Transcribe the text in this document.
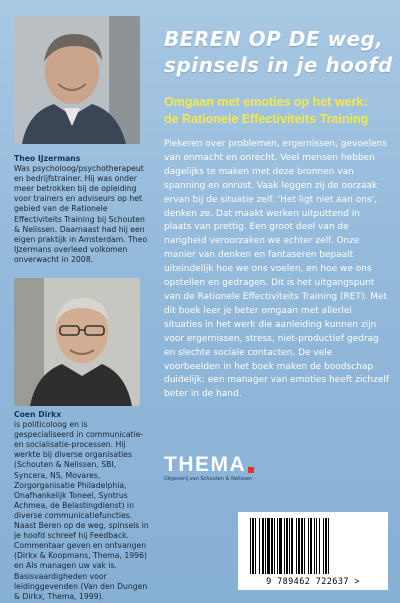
Theo IJzermans
Was psycholoog/psychotherapeut en bedrijfstrainer. Hij was onder meer betrokken bij de opleiding voor trainers en adviseurs op het gebied van de Rationele Effectiviteits Training bij Schouten & Nelissen. Daarnaast had hij een eigen praktijk in Amsterdam. Theo IJzermans overleed volkomen onverwacht in 2008.
Coen Dirkx
is politicoloog en is gespecialiseerd in communicatie- en socialisatie-processen. Hij werkte bij diverse organisaties (Schouten & Nelissen, SBI, Syncera, NS, Movares, Zorgorganisatie Philadelphia, Onafhankelijk Toneel, Syntrus Achmea, de Belastingdienst) in diverse communicatiefuncties. Naast Beren op de weg, spinsels in je hoofd schreef hij Feedback. Commentaar geven en ontvangen (Dirkx & Koopmans, Thema, 1996) en Als managen uw vak is. Basisvaardigheden voor leidinggevenden (Van den Dungen & Dirkx, Thema, 1999).
BEREN OP DE weg,
spinsels in je hoofd
Omgaan met emoties op het werk:
de Rationele Effectiviteits Training
Piekeren over problemen, ergernissen, gevoelens van onmacht en onrecht. Veel mensen hebben dagelijks te maken met deze bronnen van spanning en onrust. Vaak leggen zij de oorzaak ervan bij de situatie zelf. 'Het ligt niet aan ons', denken ze. Dat maakt werken uitputtend in plaats van prettig. Een groot deel van de narigheid veroorzaken we echter zelf. Onze manier van denken en fantaseren bepaalt uiteindelijk hoe we ons voelen, en hoe we ons opstellen en gedragen. Dit is het uitgangspunt van de Rationele Effectiviteits Training (RET). Met dit boek leer je beter omgaan met allerlei situaties in het werk die aanleiding kunnen zijn voor ergernissen, stress, niet-productief gedrag en slechte sociale contacten. De vele voorbeelden in het boek maken de boodschap duidelijk: een manager van emoties heeft zichzelf beter in de hand.
THEMA
Uitgeverij van Schouten & Nelissen
9 789462 722637 >
